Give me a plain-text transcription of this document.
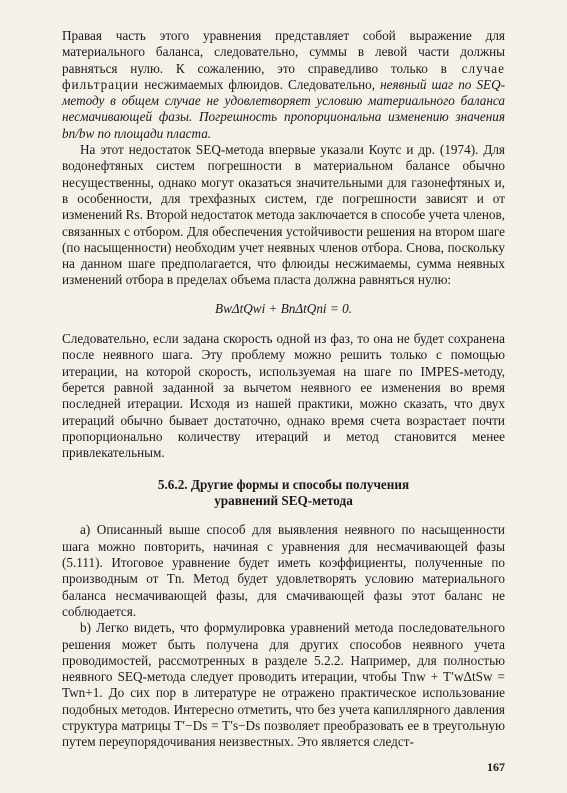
Правая часть этого уравнения представляет собой выражение для материального баланса, следовательно, суммы в левой части должны равняться нулю. К сожалению, это справедливо только в случае фильтрации несжимаемых флюидов. Следовательно, неявный шаг по SEQ-методу в общем случае не удовлетворяет условию материального баланса несмачивающей фазы. Погрешность пропорциональна изменению значения bn/bw по площади пласта.

На этот недостаток SEQ-метода впервые указали Коутс и др. (1974). Для водонефтяных систем погрешности в материальном балансе обычно несущественны, однако могут оказаться значительными для газонефтяных и, в особенности, для трехфазных систем, где погрешности зависят и от изменений Rs. Второй недостаток метода заключается в способе учета членов, связанных с отбором. Для обеспечения устойчивости решения на втором шаге (по насыщенности) необходим учет неявных членов отбора. Снова, поскольку на данном шаге предполагается, что флюиды несжимаемы, сумма неявных изменений отбора в пределах объема пласта должна равняться нулю:

BwΔtQwi + BnΔtQni = 0.

Следовательно, если задана скорость одной из фаз, то она не будет сохранена после неявного шага. Эту проблему можно решить только с помощью итерации, на которой скорость, используемая на шаге по IMPES-методу, берется равной заданной за вычетом неявного ее изменения во время последней итерации. Исходя из нашей практики, можно сказать, что двух итераций обычно бывает достаточно, однако время счета возрастает почти пропорционально количеству итераций и метод становится менее привлекательным.

5.6.2. Другие формы и способы получения
уравнений SEQ-метода

а) Описанный выше способ для выявления неявного по насыщенности шага можно повторить, начиная с уравнения для несмачивающей фазы (5.111). Итоговое уравнение будет иметь коэффициенты, полученные по производным от Tn. Метод будет удовлетворять условию материального баланса несмачивающей фазы, для смачивающей фазы этот баланс не соблюдается.

b) Легко видеть, что формулировка уравнений метода последовательного решения может быть получена для других способов неявного учета проводимостей, рассмотренных в разделе 5.2.2. Например, для полностью неявного SEQ-метода следует проводить итерации, чтобы Tnw + T′wΔtSw = Twn+1. До сих пор в литературе не отражено практическое использование подобных методов. Интересно отметить, что без учета капиллярного давления структура матрицы T′−Ds = T′s−Ds позволяет преобразовать ее в треугольную путем переупорядочивания неизвестных. Это является следст-

167
